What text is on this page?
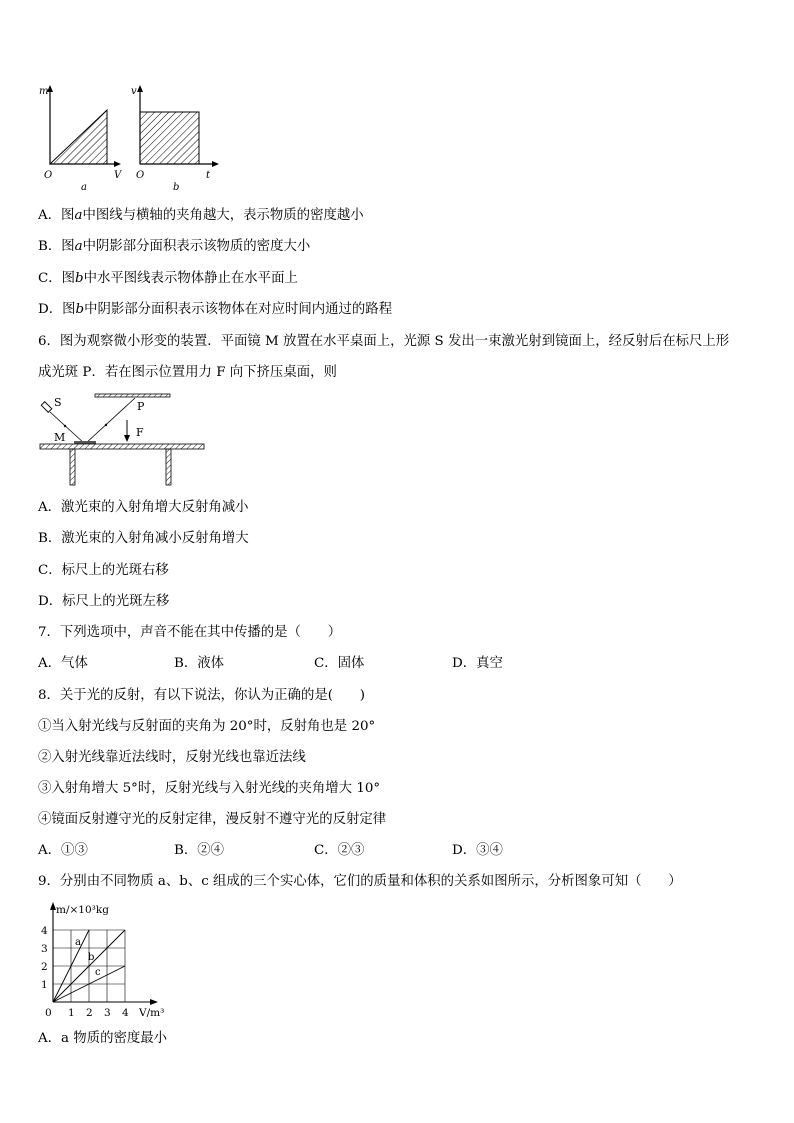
m
O	V
a
v
O	t
b
A．图a中图线与横轴的夹角越大，表示物质的密度越小
B．图a中阴影部分面积表示该物质的密度大小
C．图b中水平图线表示物体静止在水平面上
D．图b中阴影部分面积表示该物体在对应时间内通过的路程
6．图为观察微小形变的装置．平面镜 M 放置在水平桌面上，光源 S 发出一束激光射到镜面上，经反射后在标尺上形
成光斑 P．若在图示位置用力 F 向下挤压桌面，则
S
M
P
F
A．激光束的入射角增大反射角减小
B．激光束的入射角减小反射角增大
C．标尺上的光斑右移
D．标尺上的光斑左移
7．下列选项中，声音不能在其中传播的是（　　）
A．气体	B．液体	C．固体	D．真空
8．关于光的反射，有以下说法，你认为正确的是(　　)
①当入射光线与反射面的夹角为 20°时，反射角也是 20°
②入射光线靠近法线时，反射光线也靠近法线
③入射角增大 5°时，反射光线与入射光线的夹角增大 10°
④镜面反射遵守光的反射定律，漫反射不遵守光的反射定律
A．①③	B．②④	C．②③	D．③④
9．分别由不同物质 a、b、c 组成的三个实心体，它们的质量和体积的关系如图所示，分析图象可知（　　）
a
b
c
0 1 2 3 4
1
2
3
4
m/×10³kg
V/m³
A．a 物质的密度最小
